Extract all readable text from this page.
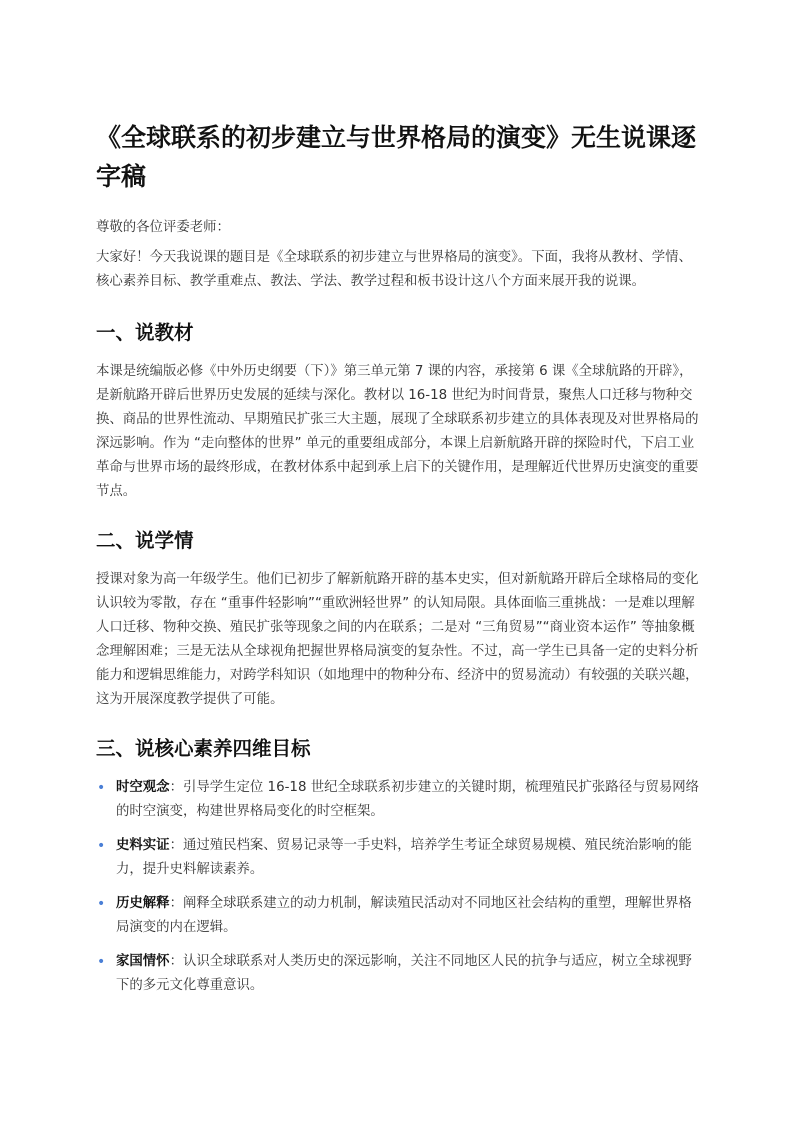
《全球联系的初步建立与世界格局的演变》无生说课逐字稿

尊敬的各位评委老师：

大家好！今天我说课的题目是《全球联系的初步建立与世界格局的演变》。下面，我将从教材、学情、核心素养目标、教学重难点、教法、学法、教学过程和板书设计这八个方面来展开我的说课。

一、说教材

本课是统编版必修《中外历史纲要（下）》第三单元第 7 课的内容，承接第 6 课《全球航路的开辟》，是新航路开辟后世界历史发展的延续与深化。教材以 16-18 世纪为时间背景，聚焦人口迁移与物种交换、商品的世界性流动、早期殖民扩张三大主题，展现了全球联系初步建立的具体表现及对世界格局的深远影响。作为 “走向整体的世界” 单元的重要组成部分，本课上启新航路开辟的探险时代，下启工业革命与世界市场的最终形成，在教材体系中起到承上启下的关键作用，是理解近代世界历史演变的重要节点。

二、说学情

授课对象为高一年级学生。他们已初步了解新航路开辟的基本史实，但对新航路开辟后全球格局的变化认识较为零散，存在 “重事件轻影响”“重欧洲轻世界” 的认知局限。具体面临三重挑战：一是难以理解人口迁移、物种交换、殖民扩张等现象之间的内在联系；二是对 “三角贸易”“商业资本运作” 等抽象概念理解困难；三是无法从全球视角把握世界格局演变的复杂性。不过，高一学生已具备一定的史料分析能力和逻辑思维能力，对跨学科知识（如地理中的物种分布、经济中的贸易流动）有较强的关联兴趣，这为开展深度教学提供了可能。

三、说核心素养四维目标
• 时空观念：引导学生定位 16-18 世纪全球联系初步建立的关键时期，梳理殖民扩张路径与贸易网络的时空演变，构建世界格局变化的时空框架。
• 史料实证：通过殖民档案、贸易记录等一手史料，培养学生考证全球贸易规模、殖民统治影响的能力，提升史料解读素养。
• 历史解释：阐释全球联系建立的动力机制，解读殖民活动对不同地区社会结构的重塑，理解世界格局演变的内在逻辑。
• 家国情怀：认识全球联系对人类历史的深远影响，关注不同地区人民的抗争与适应，树立全球视野下的多元文化尊重意识。
